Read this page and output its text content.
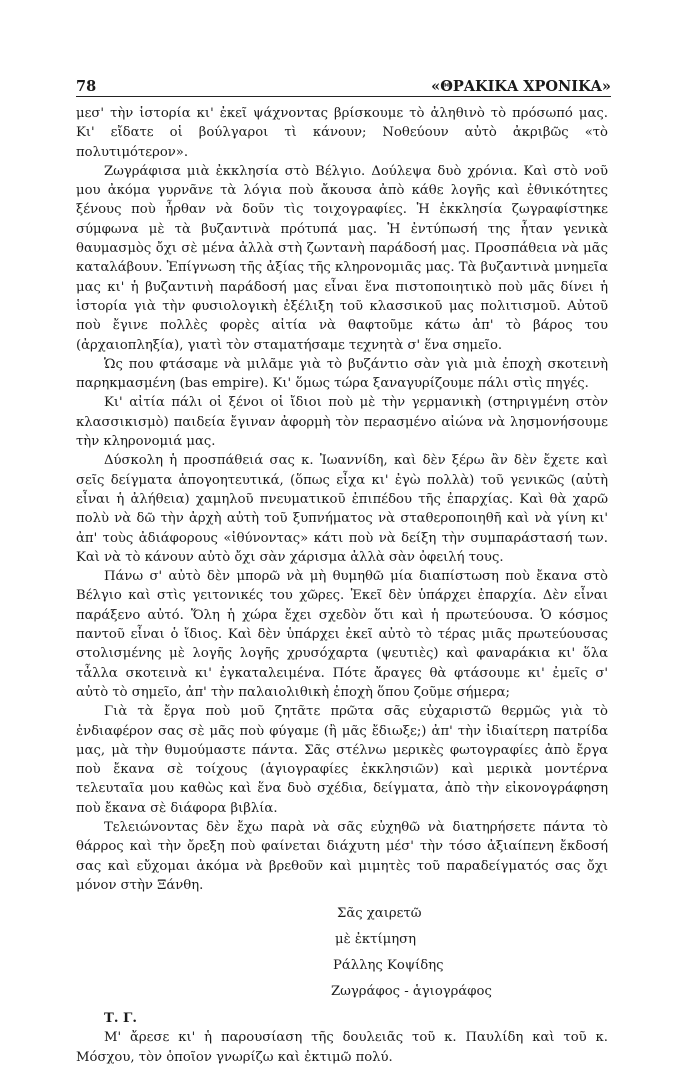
78	«ΘΡΑΚΙΚΑ ΧΡΟΝΙΚΑ»

μεσ' τὴν ἱστορία κι' ἐκεῖ ψάχνοντας βρίσκουμε τὸ ἀληθινὸ τὸ πρόσωπό μας. Κι' εἴδατε οἱ βούλγαροι τὶ κάνουν; Νοθεύουν αὐτὸ ἀκριβῶς «τὸ πολυτιμότερον».

Ζωγράφισα μιὰ ἐκκλησία στὸ Βέλγιο. Δούλεψα δυὸ χρόνια. Καὶ στὸ νοῦ μου ἀκόμα γυρνᾶνε τὰ λόγια ποὺ ἄκουσα ἀπὸ κάθε λογῆς καὶ ἐθνικότητες ξένους ποὺ ἦρθαν νὰ δοῦν τὶς τοιχογραφίες. Ἡ ἐκκλησία ζωγραφίστηκε σύμφωνα μὲ τὰ βυζαντινὰ πρότυπά μας. Ἡ ἐντύπωσή της ἦταν γενικὰ θαυμασμὸς ὄχι σὲ μένα ἀλλὰ στὴ ζωντανὴ παράδοσή μας. Προσπάθεια νὰ μᾶς καταλάβουν. Ἐπίγνωση τῆς ἀξίας τῆς κληρονομιᾶς μας. Τὰ βυζαντινὰ μνημεῖα μας κι' ἡ βυζαντινὴ παράδοσή μας εἶναι ἕνα πιστοποιητικὸ ποὺ μᾶς δίνει ἡ ἱστορία γιὰ τὴν φυσιολογικὴ ἐξέλιξη τοῦ κλασσικοῦ μας πολιτισμοῦ. Αὐτοῦ ποὺ ἔγινε πολλὲς φορὲς αἰτία νὰ θαφτοῦμε κάτω ἀπ' τὸ βάρος του (ἀρχαιοπληξία), γιατὶ τὸν σταματήσαμε τεχνητὰ σ' ἕνα σημεῖο.

Ὡς που φτάσαμε νὰ μιλᾶμε γιὰ τὸ βυζάντιο σὰν γιὰ μιὰ ἐποχὴ σκοτεινὴ παρηκμασμένη (bas empire). Κι' ὅμως τώρα ξαναγυρίζουμε πάλι στὶς πηγές.

Κι' αἰτία πάλι οἱ ξένοι οἱ ἴδιοι ποὺ μὲ τὴν γερμανικὴ (στηριγμένη στὸν κλασσικισμὸ) παιδεία ἔγιναν ἀφορμὴ τὸν περασμένο αἰώνα νὰ λησμονήσουμε τὴν κληρονομιά μας.

Δύσκολη ἡ προσπάθειά σας κ. Ἰωαννίδη, καὶ δὲν ξέρω ἂν δὲν ἔχετε καὶ σεῖς δείγματα ἀπογοητευτικά, (ὅπως εἶχα κι' ἐγὼ πολλὰ) τοῦ γενικῶς (αὐτὴ εἶναι ἡ ἀλήθεια) χαμηλοῦ πνευματικοῦ ἐπιπέδου τῆς ἐπαρχίας. Καὶ θὰ χαρῶ πολὺ νὰ δῶ τὴν ἀρχὴ αὐτὴ τοῦ ξυπνήματος νὰ σταθεροποιηθῆ καὶ νὰ γίνη κι' ἀπ' τοὺς ἀδιάφορους «ἰθύνοντας» κάτι ποὺ νὰ δείξη τὴν συμπαράστασή των. Καὶ νὰ τὸ κάνουν αὐτὸ ὄχι σὰν χάρισμα ἀλλὰ σὰν ὀφειλή τους.

Πάνω σ' αὐτὸ δὲν μπορῶ νὰ μὴ θυμηθῶ μία διαπίστωση ποὺ ἔκανα στὸ Βέλγιο καὶ στὶς γειτονικές του χῶρες. Ἐκεῖ δὲν ὑπάρχει ἐπαρχία. Δὲν εἶναι παράξενο αὐτό. Ὅλη ἡ χώρα ἔχει σχεδὸν ὅτι καὶ ἡ πρωτεύουσα. Ὁ κόσμος παντοῦ εἶναι ὁ ἴδιος. Καὶ δὲν ὑπάρχει ἐκεῖ αὐτὸ τὸ τέρας μιᾶς πρωτεύουσας στολισμένης μὲ λογῆς λογῆς χρυσόχαρτα (ψευτιὲς) καὶ φαναράκια κι' ὅλα τἆλλα σκοτεινὰ κι' ἐγκαταλειμένα. Πότε ἄραγες θὰ φτάσουμε κι' ἐμεῖς σ' αὐτὸ τὸ σημεῖο, ἀπ' τὴν παλαιολιθικὴ ἐποχὴ ὅπου ζοῦμε σήμερα;

Γιὰ τὰ ἔργα ποὺ μοῦ ζητᾶτε πρῶτα σᾶς εὐχαριστῶ θερμῶς γιὰ τὸ ἐνδιαφέρον σας σὲ μᾶς ποὺ φύγαμε (ἢ μᾶς ἔδιωξε;) ἀπ' τὴν ἰδιαίτερη πατρίδα μας, μὰ τὴν θυμούμαστε πάντα. Σᾶς στέλνω μερικὲς φωτογραφίες ἀπὸ ἔργα ποὺ ἔκανα σὲ τοίχους (ἁγιογραφίες ἐκκλησιῶν) καὶ μερικὰ μοντέρνα τελευταῖα μου καθὼς καὶ ἕνα δυὸ σχέδια, δείγματα, ἀπὸ τὴν εἰκονογράφηση ποὺ ἔκανα σὲ διάφορα βιβλία.

Τελειώνοντας δὲν ἔχω παρὰ νὰ σᾶς εὐχηθῶ νὰ διατηρήσετε πάντα τὸ θάρρος καὶ τὴν ὄρεξη ποὺ φαίνεται διάχυτη μέσ' τὴν τόσο ἀξιαίπενη ἔκδοσή σας καὶ εὔχομαι ἀκόμα νὰ βρεθοῦν καὶ μιμητὲς τοῦ παραδείγματός σας ὄχι μόνον στὴν Ξάνθη.

Σᾶς χαιρετῶ
μὲ ἐκτίμηση
Ράλλης Κοψίδης
Ζωγράφος - ἁγιογράφος
Τ. Γ.

Μ' ἄρεσε κι' ἡ παρουσίαση τῆς δουλειᾶς τοῦ κ. Παυλίδη καὶ τοῦ κ. Μόσχου, τὸν ὁποῖον γνωρίζω καὶ ἐκτιμῶ πολύ.
